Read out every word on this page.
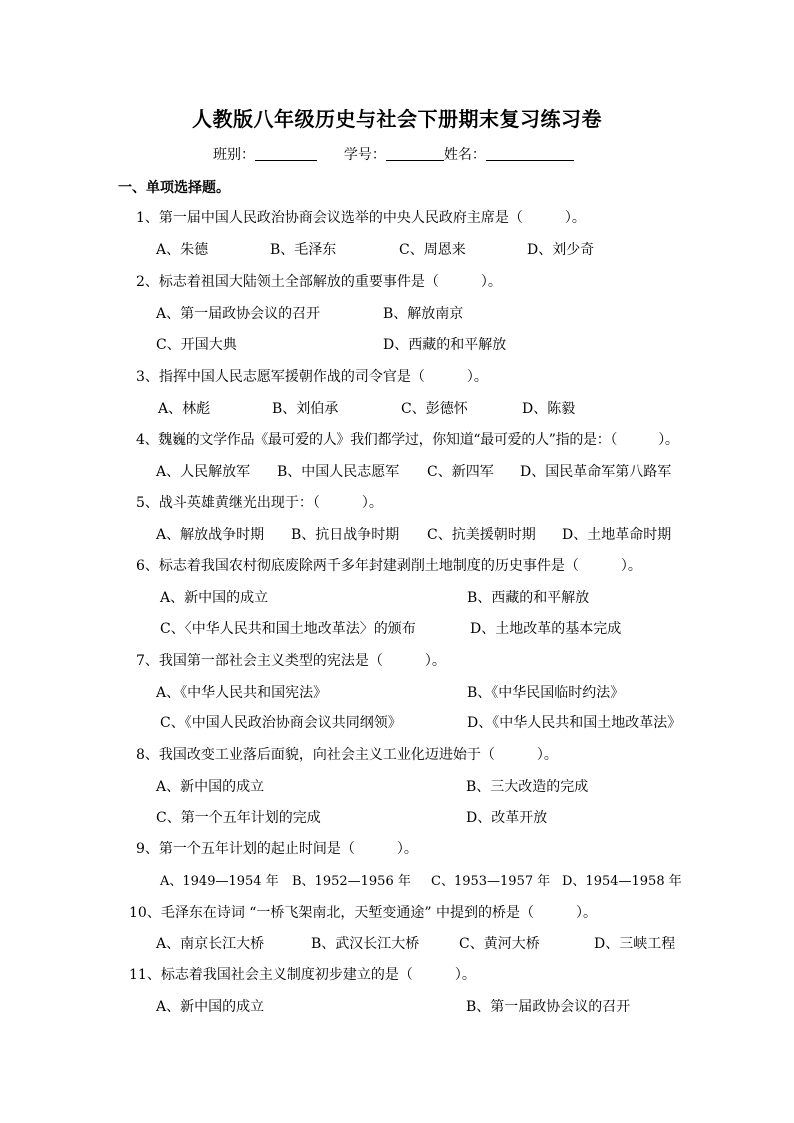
人教版八年级历史与社会下册期末复习练习卷
班别：	学号：	姓名：
一、单项选择题。
1、第一届中国人民政治协商会议选举的中央人民政府主席是（　　　）。
A、朱德	B、毛泽东	C、周恩来	D、刘少奇
2、标志着祖国大陆领土全部解放的重要事件是（　　　）。
A、第一届政协会议的召开	B、解放南京
C、开国大典	D、西藏的和平解放
3、指挥中国人民志愿军援朝作战的司令官是（　　　）。
A、林彪	B、刘伯承	C、彭德怀	D、陈毅
4、魏巍的文学作品《最可爱的人》我们都学过，你知道“最可爱的人”指的是：（　　　）。
A、人民解放军 B、中国人民志愿军 C、新四军 D、国民革命军第八路军
5、战斗英雄黄继光出现于：（　　　）。
A、解放战争时期 B、抗日战争时期 C、抗美援朝时期 D、土地革命时期
6、标志着我国农村彻底废除两千多年封建剥削土地制度的历史事件是（　　　）。
A、新中国的成立	B、西藏的和平解放
C、〈中华人民共和国土地改革法〉的颁布	D、土地改革的基本完成
7、我国第一部社会主义类型的宪法是（　　　）。
A、《中华人民共和国宪法》	B、《中华民国临时约法》
C、《中国人民政治协商会议共同纲领》	D、《中华人民共和国土地改革法》
8、我国改变工业落后面貌，向社会主义工业化迈进始于（　　　）。
A、新中国的成立	B、三大改造的完成
C、第一个五年计划的完成	D、改革开放
9、第一个五年计划的起止时间是（　　　）。
A、1949—1954 年 B、1952—1956 年 C、1953—1957 年 D、1954—1958 年
10、毛泽东在诗词 “一桥飞架南北，天堑变通途” 中提到的桥是（　　　）。
A、南京长江大桥	B、武汉长江大桥	C、黄河大桥	D、三峡工程
11、标志着我国社会主义制度初步建立的是（　　　）。
A、新中国的成立	B、第一届政协会议的召开
